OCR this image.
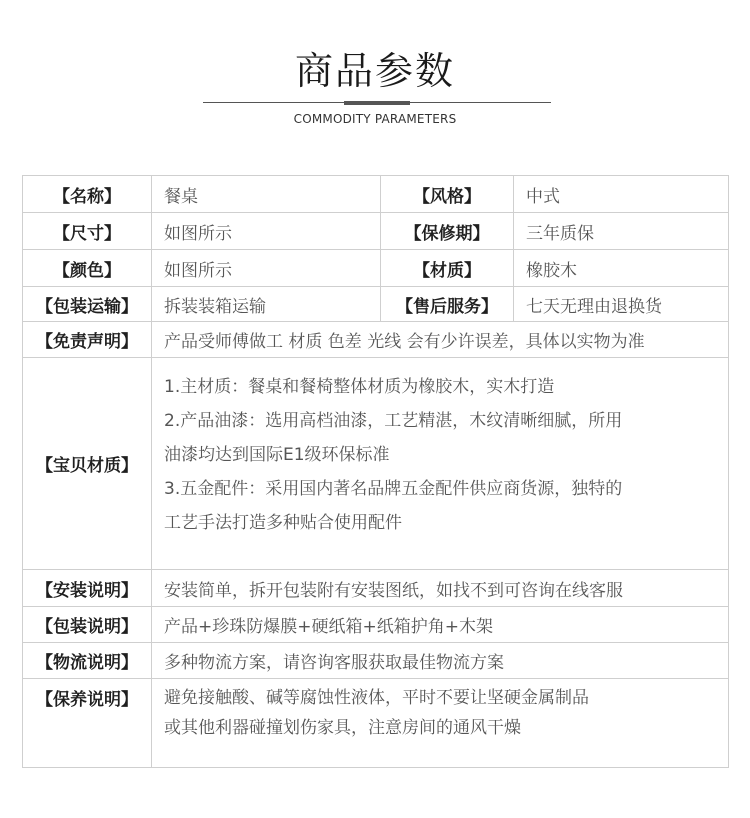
商品参数
COMMODITY PARAMETERS
【名称】	餐桌	【风格】	中式
【尺寸】	如图所示	【保修期】	三年质保
【颜色】	如图所示	【材质】	橡胶木
【包装运输】	拆装装箱运输	【售后服务】	七天无理由退换货
【免责声明】	产品受师傅做工 材质 色差 光线 会有少许误差，具体以实物为准		
【宝贝材质】	1.主材质：餐桌和餐椅整体材质为橡胶木，实木打造
2.产品油漆：选用高档油漆，工艺精湛，木纹清晰细腻，所用
油漆均达到国际E1级环保标准
3.五金配件：采用国内著名品牌五金配件供应商货源，独特的
工艺手法打造多种贴合使用配件		

【安装说明】	安装简单，拆开包装附有安装图纸，如找不到可咨询在线客服		
【包装说明】	产品+珍珠防爆膜+硬纸箱+纸箱护角+木架		
【物流说明】	多种物流方案，请咨询客服获取最佳物流方案		
【保养说明】	避免接触酸、碱等腐蚀性液体，平时不要让坚硬金属制品
或其他利器碰撞划伤家具，注意房间的通风干燥		
